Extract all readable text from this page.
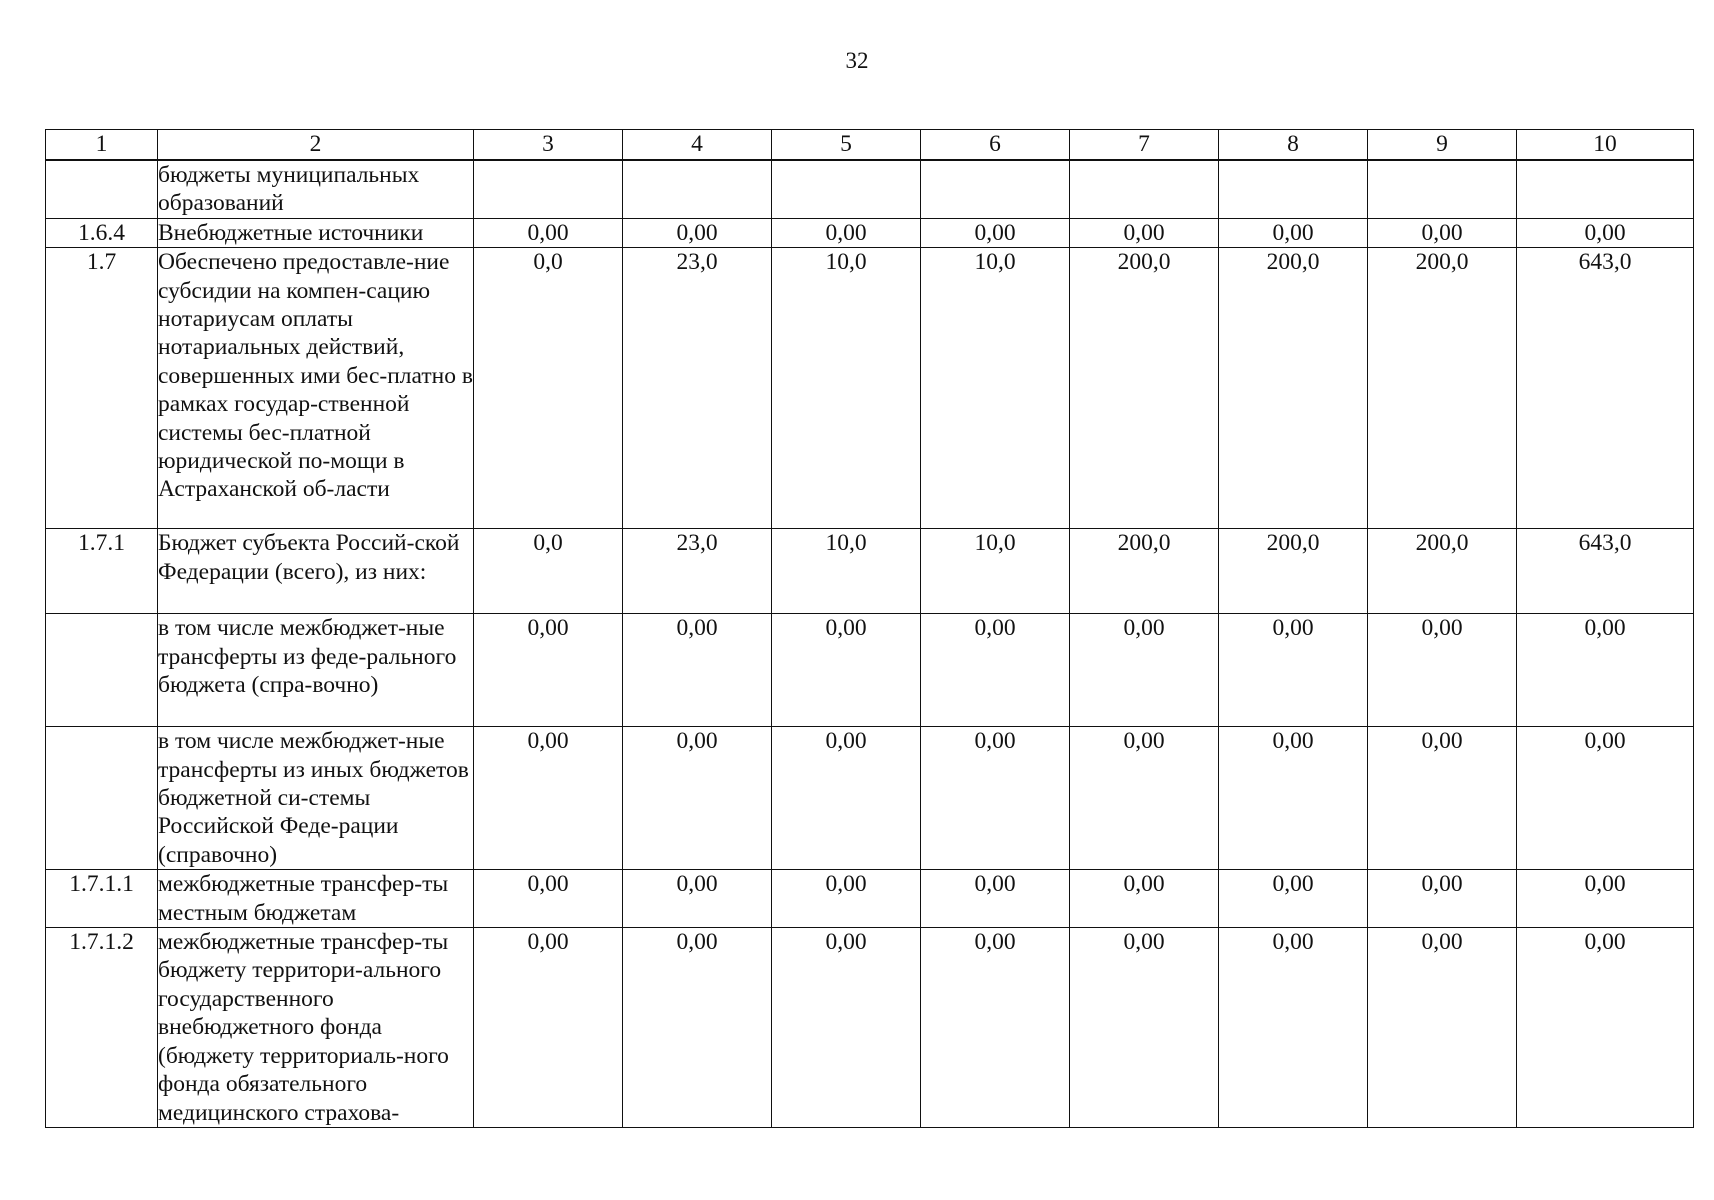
32
1	2	3	4	5	6	7	8	9	10
	бюджеты муниципальных образований								
1.6.4	Внебюджетные источники	0,00	0,00	0,00	0,00	0,00	0,00	0,00	0,00
1.7	Обеспечено предоставле-ние субсидии на компен-сацию нотариусам оплаты нотариальных действий, совершенных ими бес-платно в рамках государ-ственной системы бес-платной юридической по-мощи в Астраханской об-ласти	0,0	23,0	10,0	10,0	200,0	200,0	200,0	643,0
1.7.1	Бюджет субъекта Россий-ской Федерации (всего), из них:	0,0	23,0	10,0	10,0	200,0	200,0	200,0	643,0
	в том числе межбюджет-ные трансферты из феде-рального бюджета (спра-вочно)	0,00	0,00	0,00	0,00	0,00	0,00	0,00	0,00
	в том числе межбюджет-ные трансферты из иных бюджетов бюджетной си-стемы Российской Феде-рации (справочно)	0,00	0,00	0,00	0,00	0,00	0,00	0,00	0,00
1.7.1.1	межбюджетные трансфер-ты местным бюджетам	0,00	0,00	0,00	0,00	0,00	0,00	0,00	0,00
1.7.1.2	межбюджетные трансфер-ты бюджету территори-ального государственного внебюджетного фонда (бюджету территориаль-ного фонда обязательного медицинского страхова-	0,00	0,00	0,00	0,00	0,00	0,00	0,00	0,00
